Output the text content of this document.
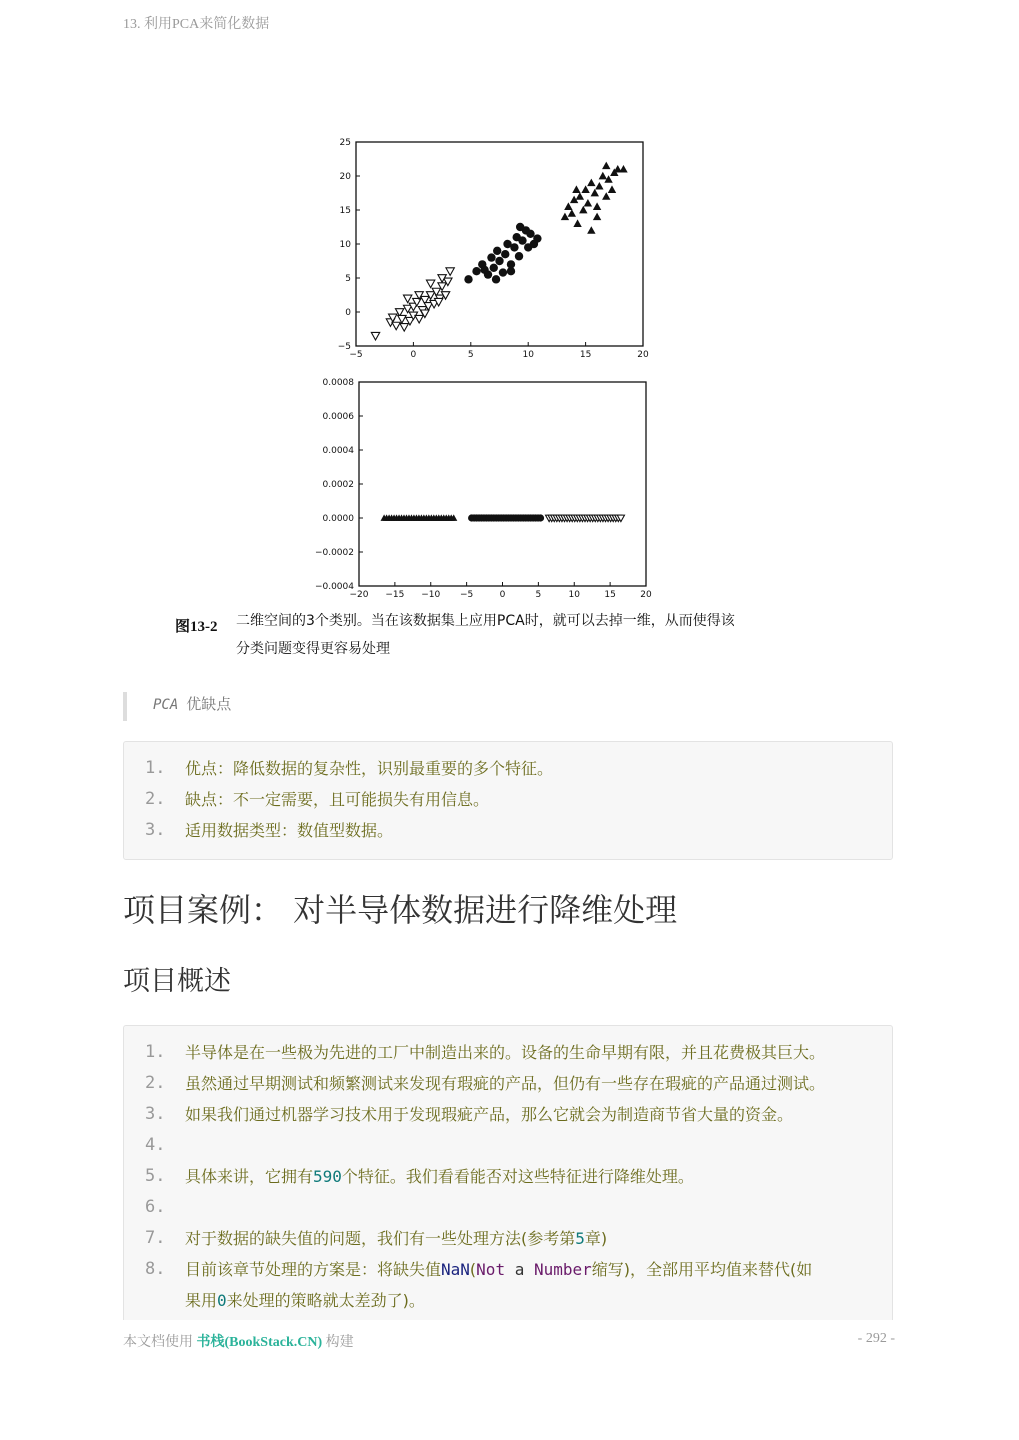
13. 利用PCA来简化数据
−5	0	5	10	15	20
−5
0
5
10
15
20
25
−20 −15 −10 −5	0	5	10	15	20
−0.0004
−0.0002
0.0000
0.0002
0.0004
0.0006
0.0008
图13-2 二维空间的3个类别。当在该数据集上应用PCA时，就可以去掉一维，从而使得该
分类问题变得更容易处理
PCA 优缺点
1.	优点：降低数据的复杂性，识别最重要的多个特征。
2.	缺点：不一定需要，且可能损失有用信息。
3.	适用数据类型：数值型数据。
项目案例： 对半导体数据进行降维处理
项目概述
1.	半导体是在一些极为先进的工厂中制造出来的。设备的生命早期有限，并且花费极其巨大。
2.	虽然通过早期测试和频繁测试来发现有瑕疵的产品，但仍有一些存在瑕疵的产品通过测试。
3.	如果我们通过机器学习技术用于发现瑕疵产品，那么它就会为制造商节省大量的资金。
4.
5.	具体来讲，它拥有590个特征。我们看看能否对这些特征进行降维处理。
6.
7.	对于数据的缺失值的问题，我们有一些处理方法(参考第5章)
8.	目前该章节处理的方案是：将缺失值NaN(Not a Number缩写)，全部用平均值来替代(如
果用0来处理的策略就太差劲了)。
本文档使用 书栈(BookStack.CN) 构建	- 292 -
